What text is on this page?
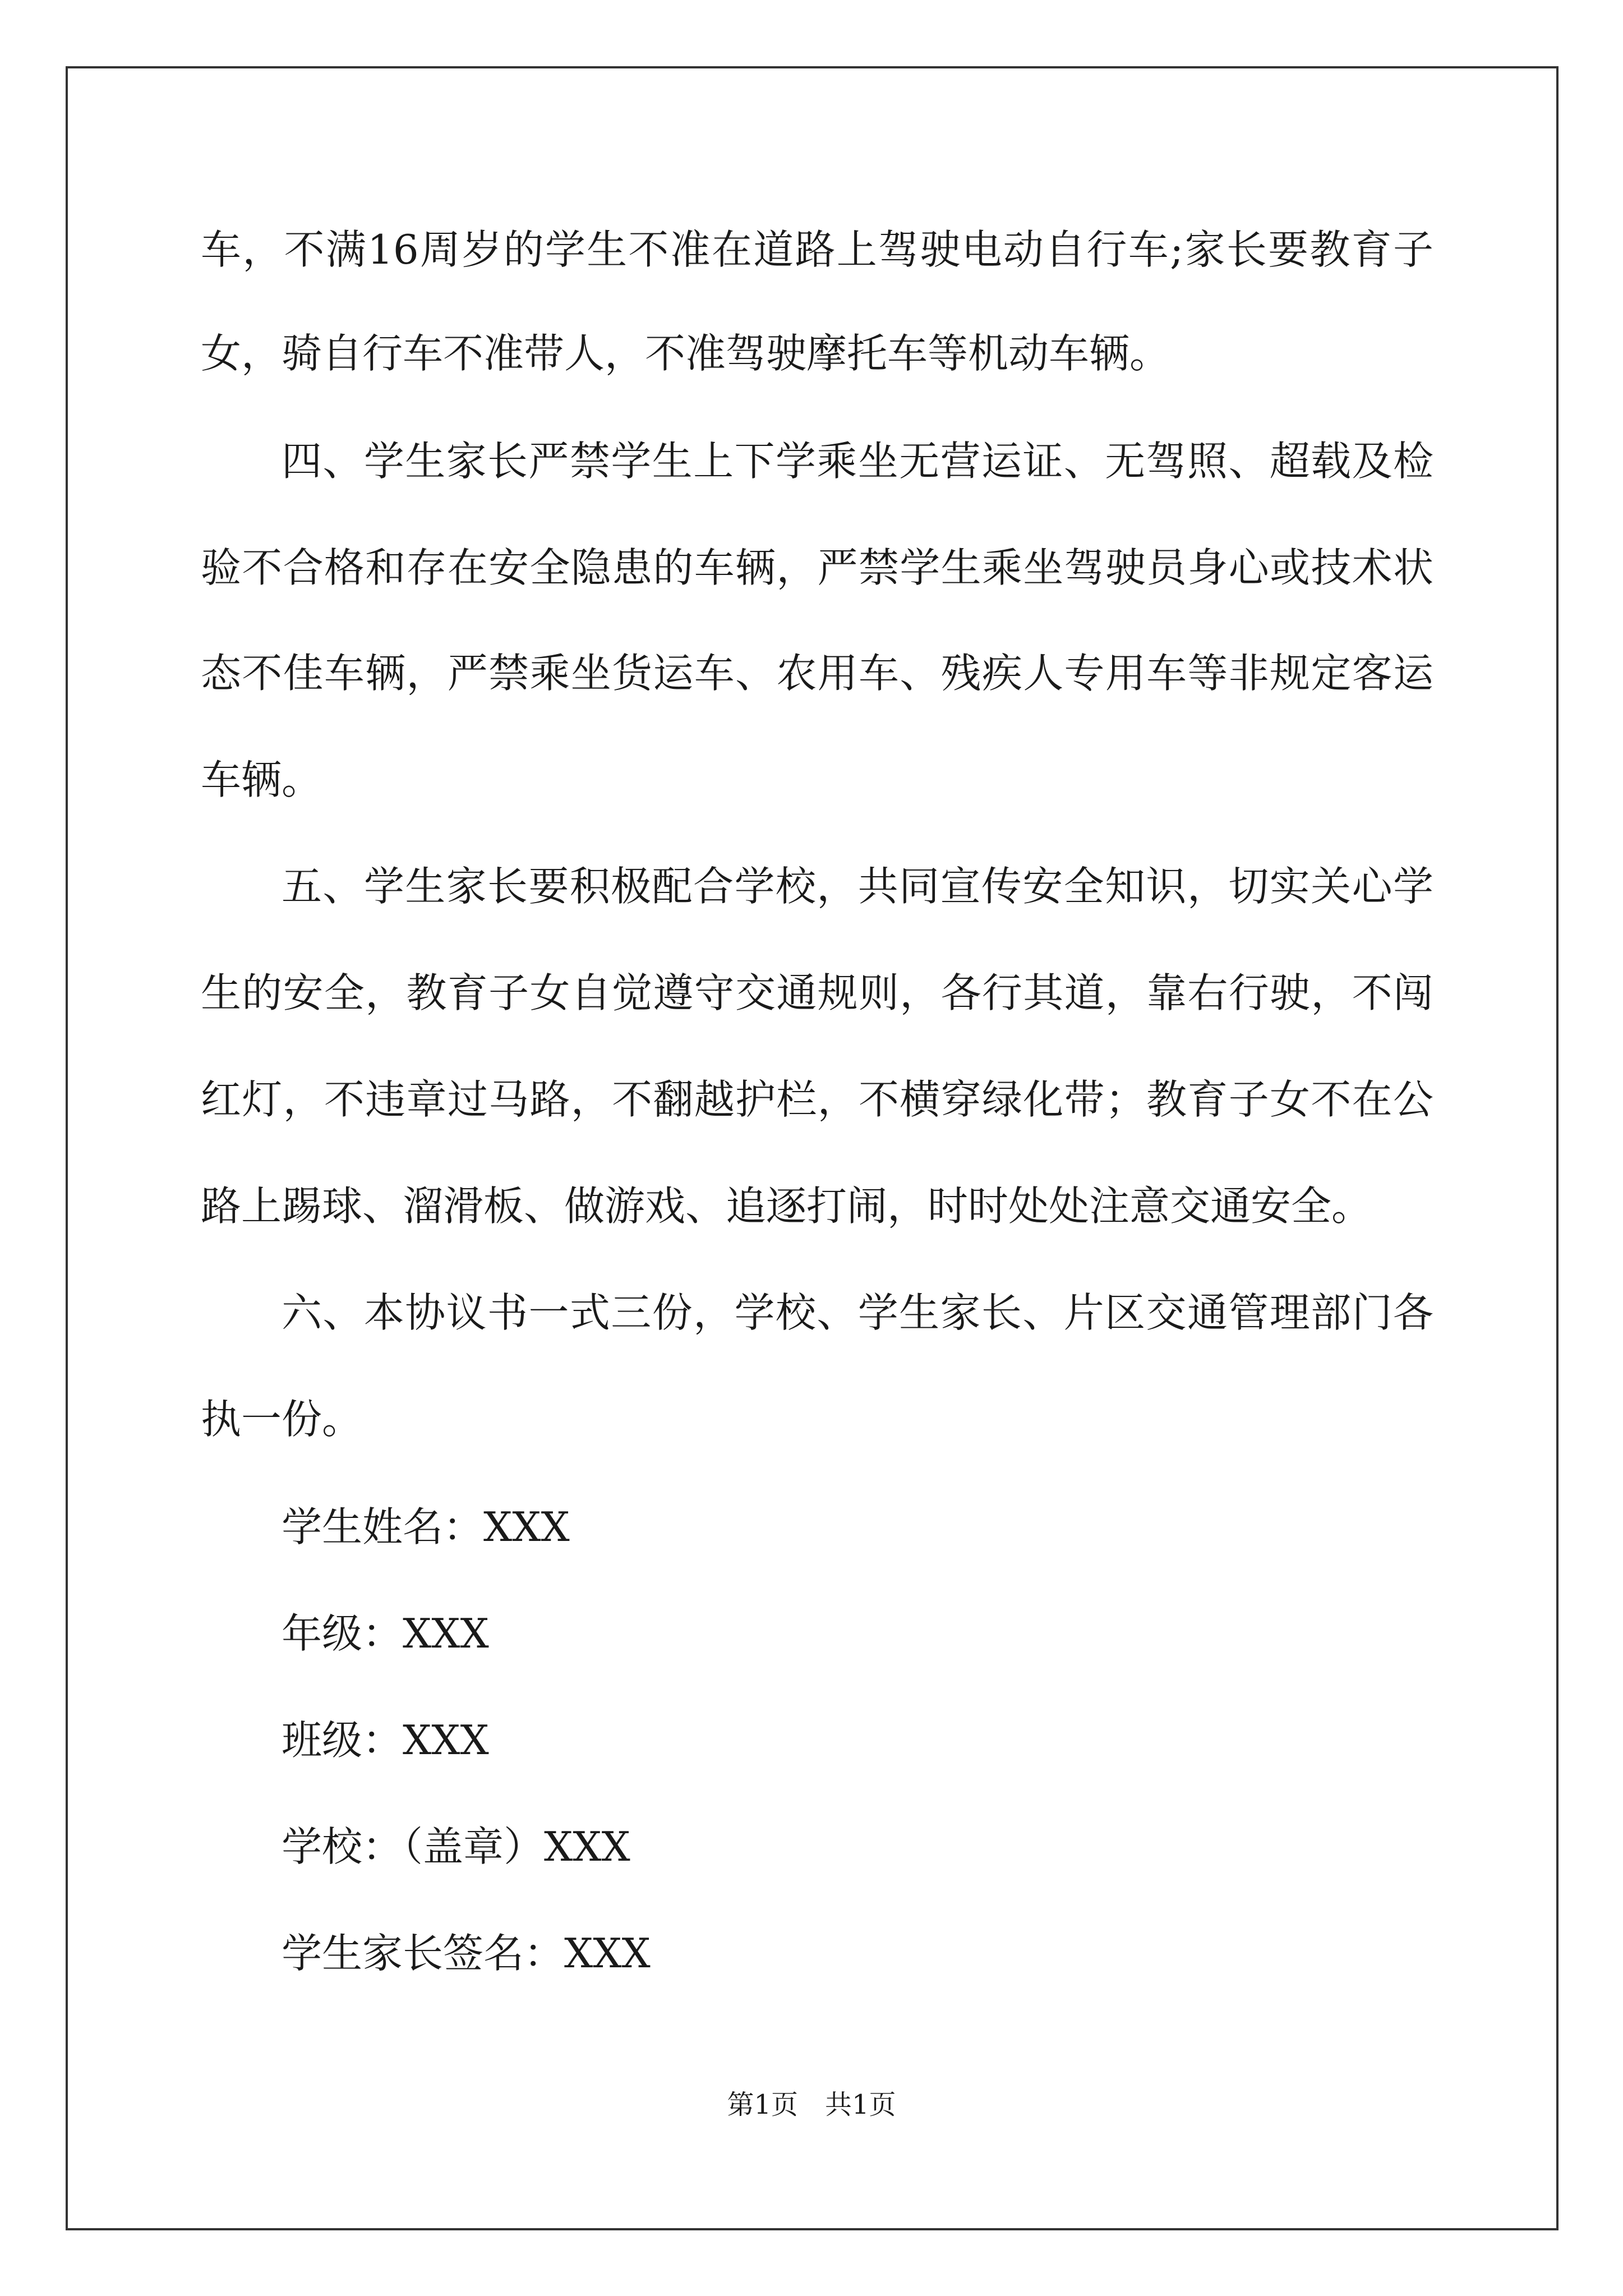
车，不满16周岁的学生不准在道路上驾驶电动自行车;家长要教育子
女，骑自行车不准带人，不准驾驶摩托车等机动车辆。
四、学生家长严禁学生上下学乘坐无营运证、无驾照、超载及检
验不合格和存在安全隐患的车辆，严禁学生乘坐驾驶员身心或技术状
态不佳车辆，严禁乘坐货运车、农用车、残疾人专用车等非规定客运
车辆。
五、学生家长要积极配合学校，共同宣传安全知识，切实关心学
生的安全，教育子女自觉遵守交通规则，各行其道，靠右行驶，不闯
红灯，不违章过马路，不翻越护栏，不横穿绿化带；教育子女不在公
路上踢球、溜滑板、做游戏、追逐打闹，时时处处注意交通安全。
六、本协议书一式三份，学校、学生家长、片区交通管理部门各
执一份。
学生姓名：XXX
年级：XXX
班级：XXX
学校：（盖章）XXX
学生家长签名：XXX
第1页 共1页
